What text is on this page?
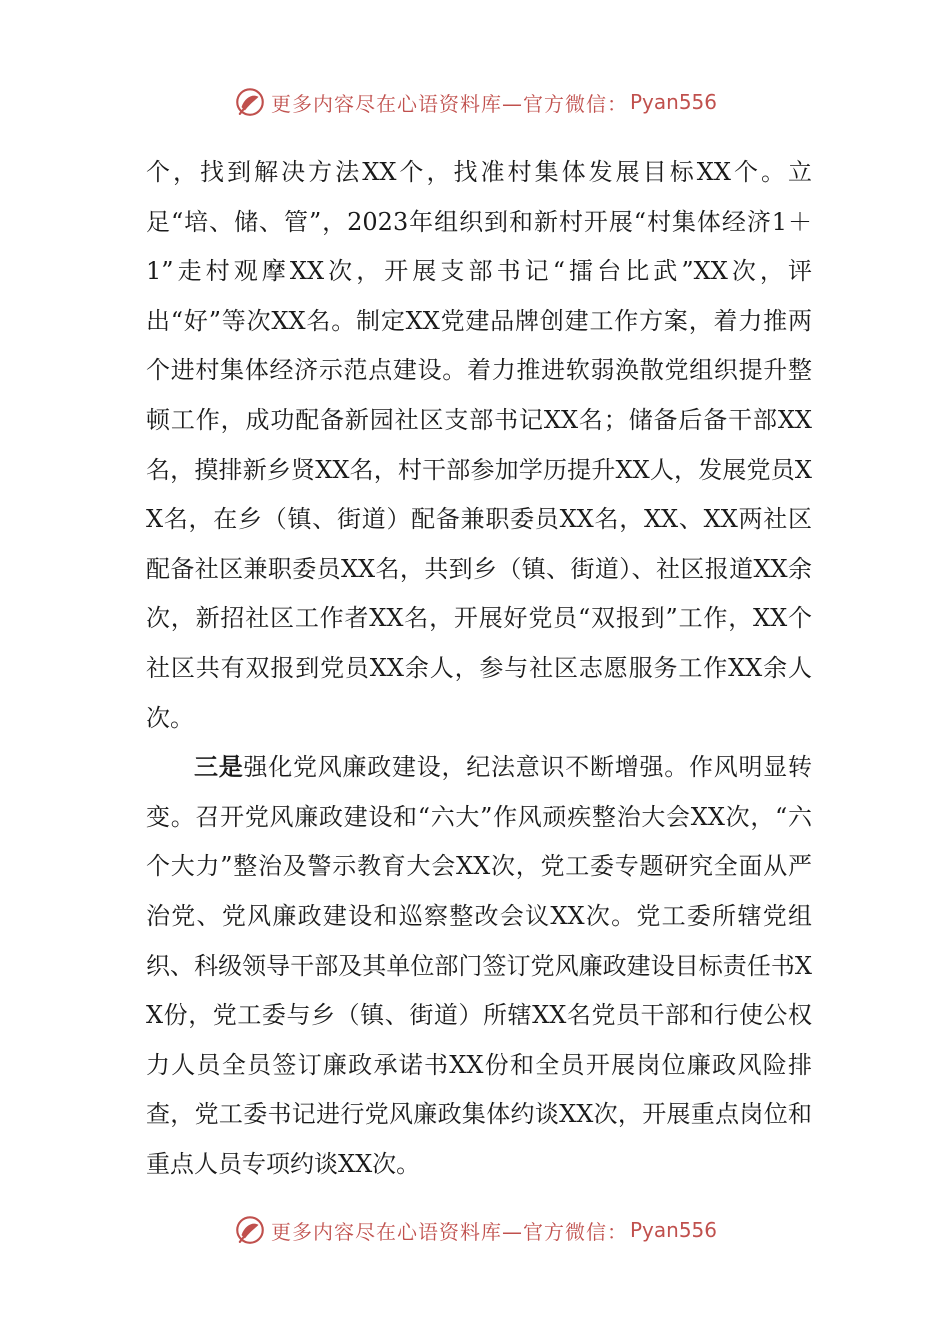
更多内容尽在心语资料库—官方微信： Pyan556

个，找到解决方法XX个，找准村集体发展目标XX个。立足“培、储、管”，2023年组织到和新村开展“村集体经济1＋1”走村观摩XX次，开展支部书记“擂台比武”XX次，评出“好”等次XX名。制定XX党建品牌创建工作方案，着力推两个进村集体经济示范点建设。着力推进软弱涣散党组织提升整顿工作，成功配备新园社区支部书记XX名；储备后备干部XX名，摸排新乡贤XX名，村干部参加学历提升XX人，发展党员XX名，在乡（镇、街道）配备兼职委员XX名，XX、XX两社区配备社区兼职委员XX名，共到乡（镇、街道）、社区报道XX余次，新招社区工作者XX名，开展好党员“双报到”工作，XX个社区共有双报到党员XX余人，参与社区志愿服务工作XX余人次。

三是强化党风廉政建设，纪法意识不断增强。作风明显转变。召开党风廉政建设和“六大”作风顽疾整治大会XX次，“六个大力”整治及警示教育大会XX次，党工委专题研究全面从严治党、党风廉政建设和巡察整改会议XX次。党工委所辖党组织、科级领导干部及其单位部门签订党风廉政建设目标责任书XX份，党工委与乡（镇、街道）所辖XX名党员干部和行使公权力人员全员签订廉政承诺书XX份和全员开展岗位廉政风险排查，党工委书记进行党风廉政集体约谈XX次，开展重点岗位和重点人员专项约谈XX次。

更多内容尽在心语资料库—官方微信： Pyan556
